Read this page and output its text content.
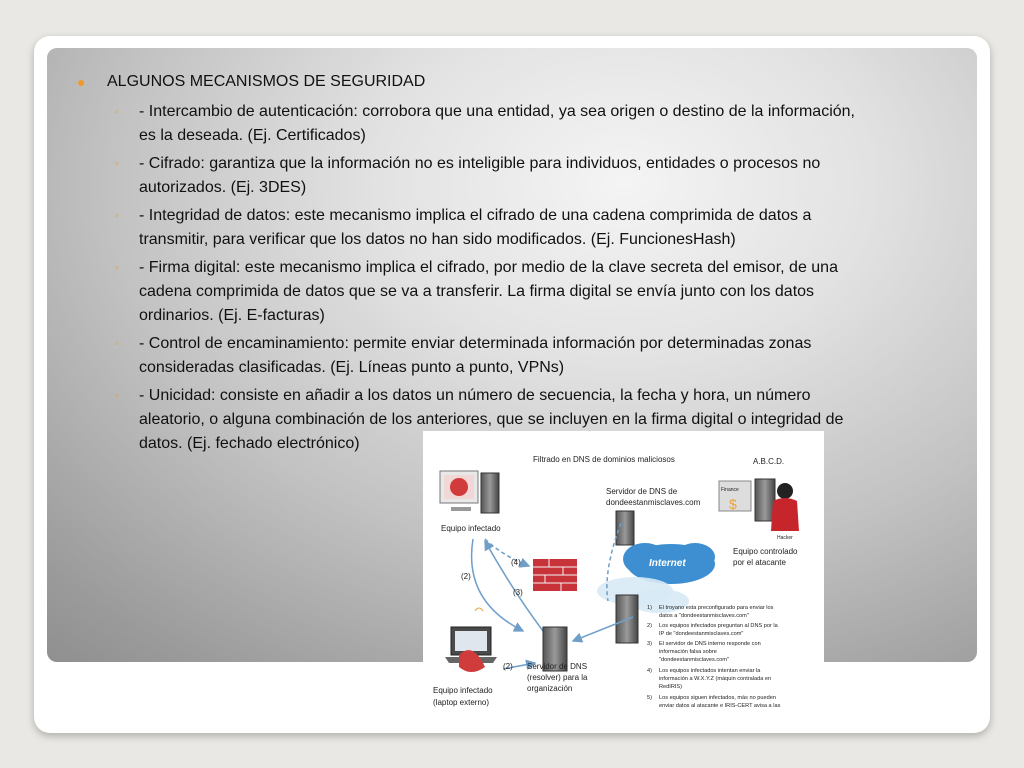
● ALGUNOS MECANISMOS DE SEGURIDAD
◦ - Intercambio de autenticación: corrobora que una entidad, ya sea origen o destino de la información,
es la deseada. (Ej. Certificados)
◦ - Cifrado: garantiza que la información no es inteligible para individuos, entidades o procesos no
autorizados. (Ej. 3DES)
◦ - Integridad de datos: este mecanismo implica el cifrado de una cadena comprimida de datos a
transmitir, para verificar que los datos no han sido modificados. (Ej. FuncionesHash)
◦ - Firma digital: este mecanismo implica el cifrado, por medio de la clave secreta del emisor, de una
cadena comprimida de datos que se va a transferir. La firma digital se envía junto con los datos
ordinarios. (Ej. E-facturas)
◦ - Control de encaminamiento: permite enviar determinada información por determinadas zonas
consideradas clasificadas. (Ej. Líneas punto a punto, VPNs)
◦ - Unicidad: consiste en añadir a los datos un número de secuencia, la fecha y hora, un número
aleatorio, o alguna combinación de los anteriores, que se incluyen en la firma digital o integridad de
datos. (Ej. fechado electrónico)
Filtrado en DNS de dominios maliciosos	A.B.C.D.
Equipo infectado
Servidor de DNS de
dondeestanmisclaves.com
Finance
$
Hacker
Equipo controlado
por el atacante
Internet
(4)
(2)
(3)
(2) Servidor de DNS
(resolver) para la
organización
Equipo infectado
(laptop externo)
1) El troyano esta preconfigurado para enviar los
datos a "dondeestanmisclaves.com"
2) Los equipos infectados preguntan al DNS por la
IP de "dondeestanmisclaves.com"
3) El servidor de DNS interno responde con
información falsa sobre
"dondeestanmisclaves.com"
4) Los equipos infectados intentan enviar la
información a W.X.Y.Z (máquin contralada en
RedIRIS)
5) Los equipos siguen infectados, más no pueden
enviar datos al atacante e IRIS-CERT avisa a las
